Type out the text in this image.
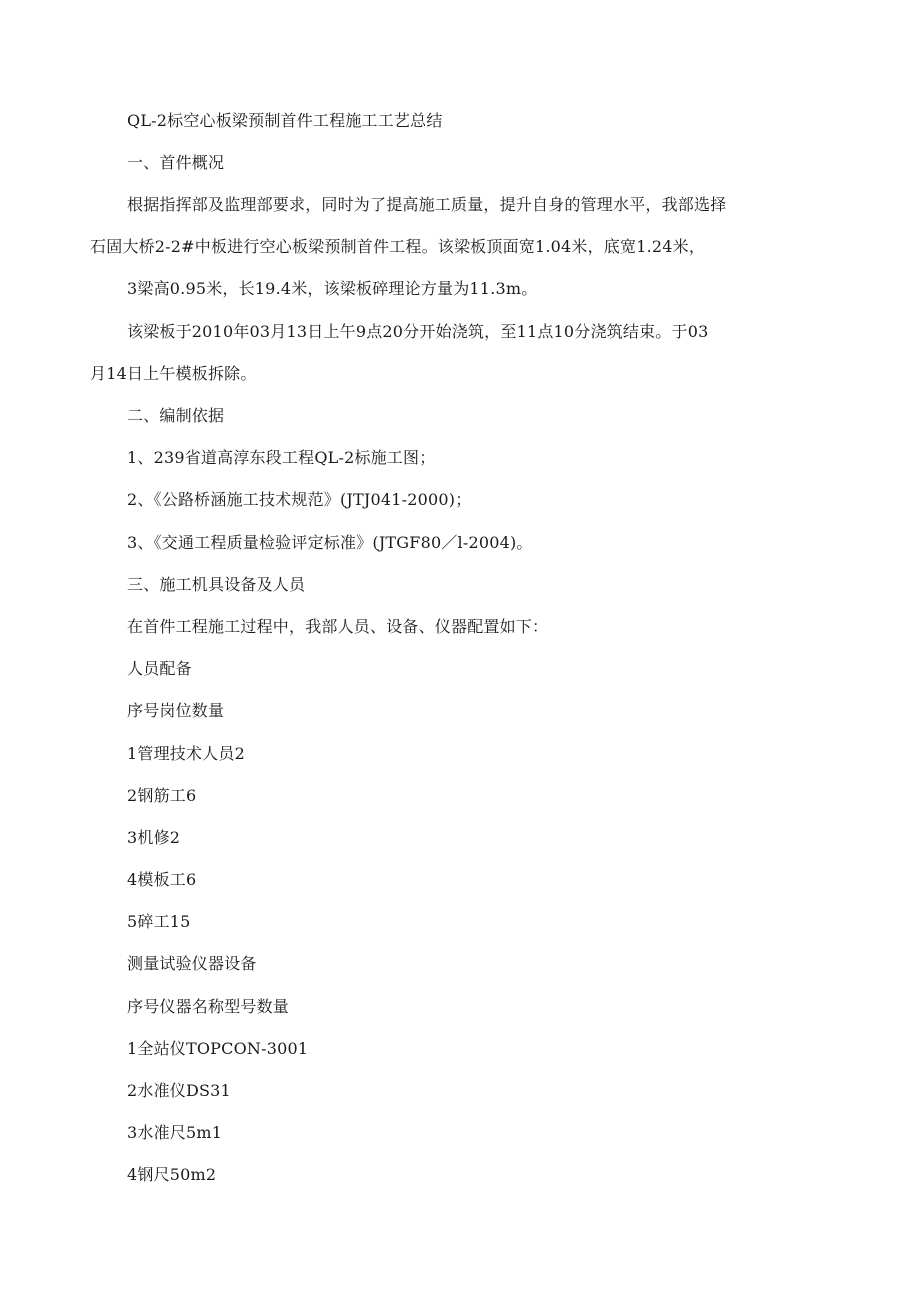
QL-2标空心板梁预制首件工程施工工艺总结

一、首件概况

根据指挥部及监理部要求，同时为了提高施工质量，提升自身的管理水平，我部选择

石固大桥2-2#中板进行空心板梁预制首件工程。该梁板顶面宽1.04米，底宽1.24米，

3梁高0.95米，长19.4米，该梁板碎理论方量为11.3m。

该梁板于2010年03月13日上午9点20分开始浇筑，至11点10分浇筑结束。于03

月14日上午模板拆除。

二、编制依据

1、239省道高淳东段工程QL-2标施工图；

2、《公路桥涵施工技术规范》(JTJ041-2000)；

3、《交通工程质量检验评定标准》(JTGF80／l-2004)。

三、施工机具设备及人员

在首件工程施工过程中，我部人员、设备、仪器配置如下：

人员配备

序号岗位数量

1管理技术人员2

2钢筋工6

3机修2

4模板工6

5碎工15

测量试验仪器设备

序号仪器名称型号数量

1全站仪TOPCON-3001

2水准仪DS31

3水准尺5m1

4钢尺50m2
